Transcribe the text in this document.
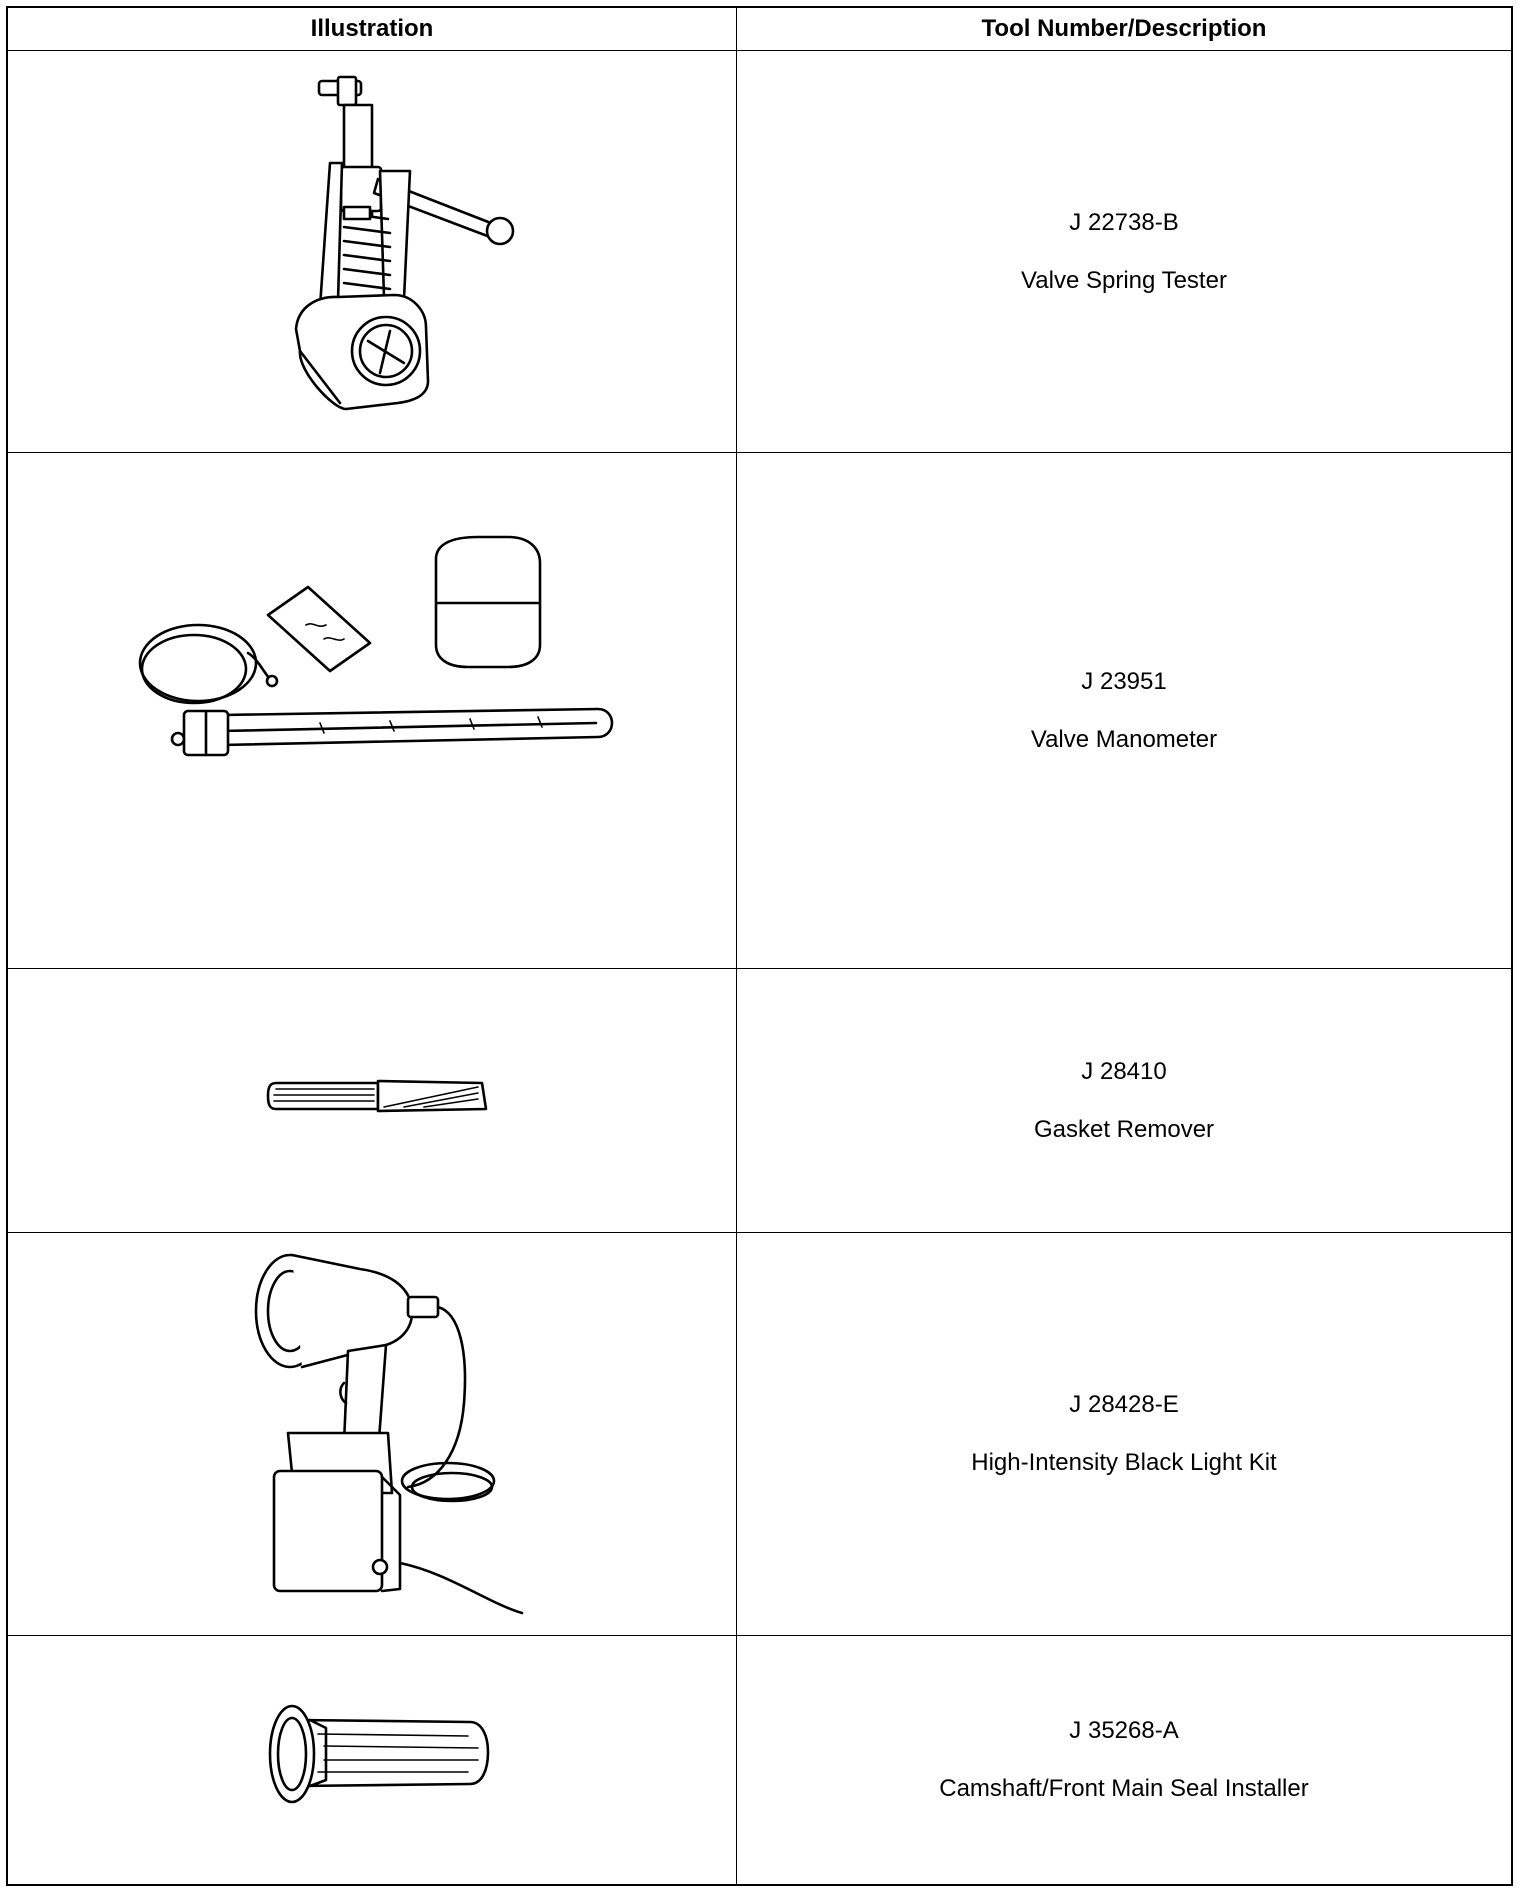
Illustration	Tool Number/Description
J 22738-B
Valve Spring Tester
J 23951
Valve Manometer
J 28410
Gasket Remover
J 28428-E
High-Intensity Black Light Kit
J 35268-A
Camshaft/Front Main Seal Installer
